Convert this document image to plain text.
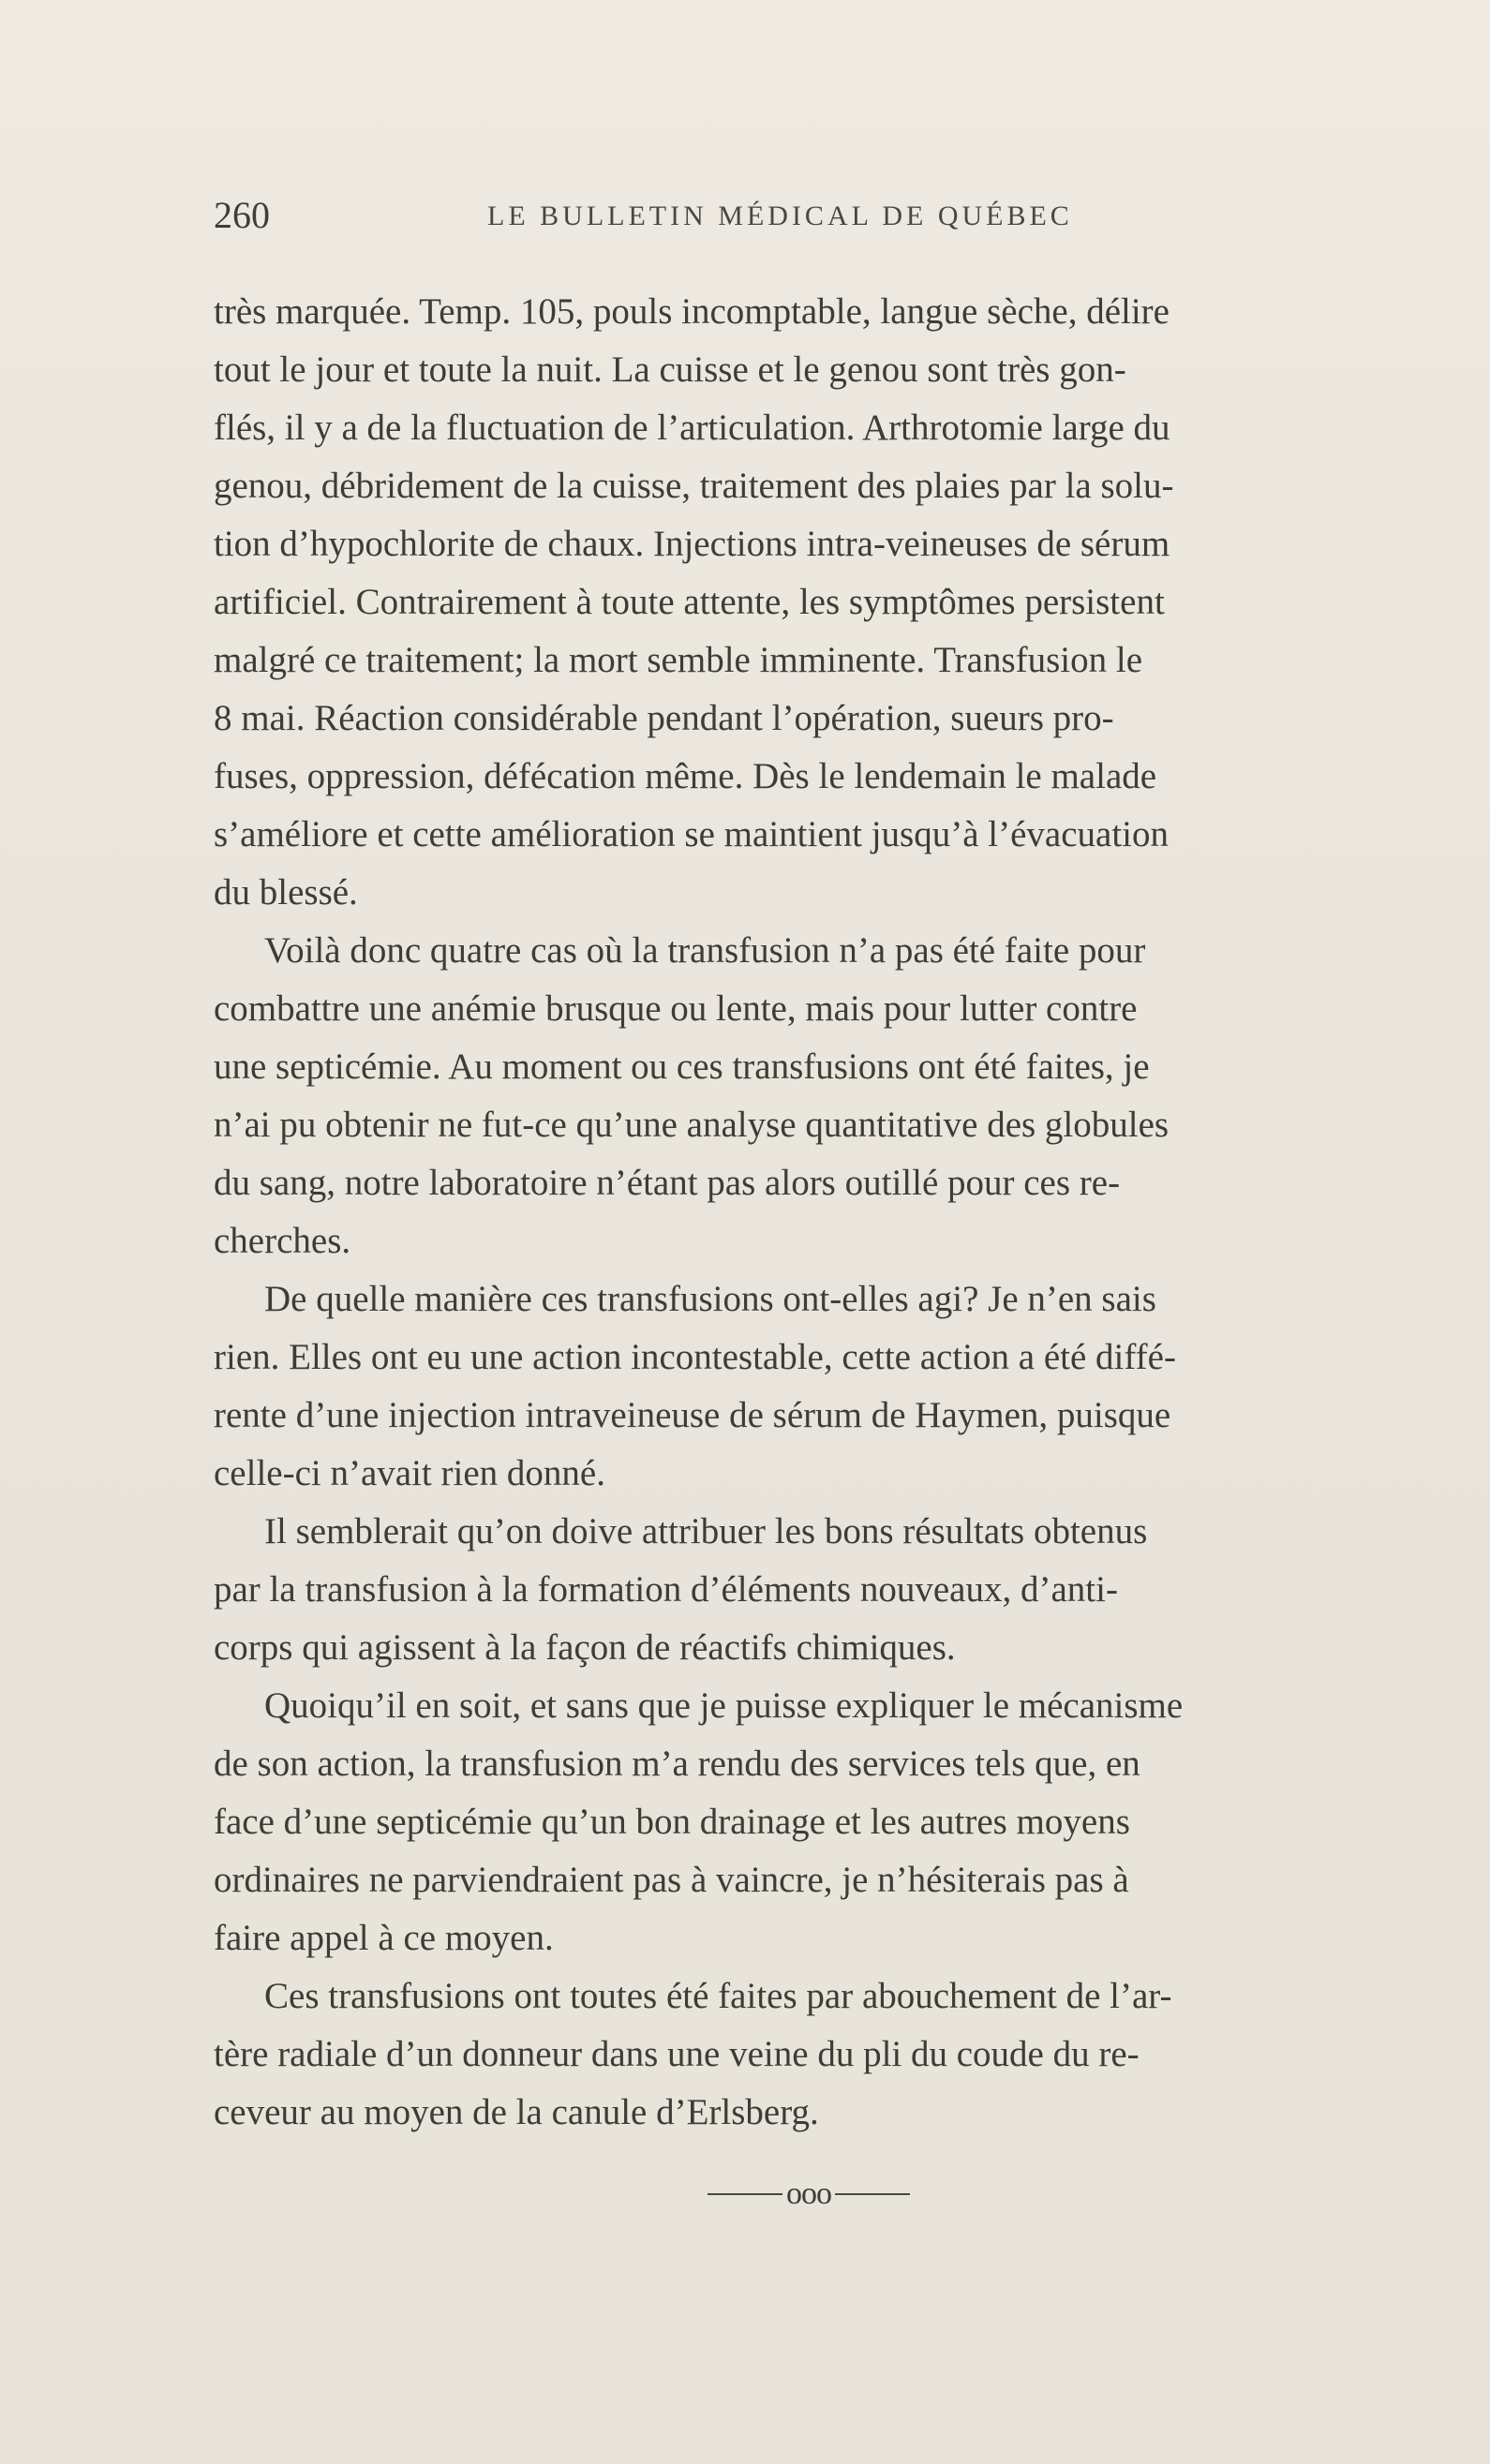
260	LE BULLETIN MÉDICAL DE QUÉBEC
très marquée. Temp. 105, pouls incomptable, langue sèche, délire
tout le jour et toute la nuit. La cuisse et le genou sont très gon-
flés, il y a de la fluctuation de l’articulation. Arthrotomie large du
genou, débridement de la cuisse, traitement des plaies par la solu-
tion d’hypochlorite de chaux. Injections intra-veineuses de sérum
artificiel. Contrairement à toute attente, les symptômes persistent
malgré ce traitement; la mort semble imminente. Transfusion le
8 mai. Réaction considérable pendant l’opération, sueurs pro-
fuses, oppression, défécation même. Dès le lendemain le malade
s’améliore et cette amélioration se maintient jusqu’à l’évacuation
du blessé.
Voilà donc quatre cas où la transfusion n’a pas été faite pour
combattre une anémie brusque ou lente, mais pour lutter contre
une septicémie. Au moment ou ces transfusions ont été faites, je
n’ai pu obtenir ne fut-ce qu’une analyse quantitative des globules
du sang, notre laboratoire n’étant pas alors outillé pour ces re-
cherches.
De quelle manière ces transfusions ont-elles agi? Je n’en sais
rien. Elles ont eu une action incontestable, cette action a été diffé-
rente d’une injection intraveineuse de sérum de Haymen, puisque
celle-ci n’avait rien donné.
Il semblerait qu’on doive attribuer les bons résultats obtenus
par la transfusion à la formation d’éléments nouveaux, d’anti-
corps qui agissent à la façon de réactifs chimiques.
Quoiqu’il en soit, et sans que je puisse expliquer le mécanisme
de son action, la transfusion m’a rendu des services tels que, en
face d’une septicémie qu’un bon drainage et les autres moyens
ordinaires ne parviendraient pas à vaincre, je n’hésiterais pas à
faire appel à ce moyen.
Ces transfusions ont toutes été faites par abouchement de l’ar-
tère radiale d’un donneur dans une veine du pli du coude du re-
ceveur au moyen de la canule d’Erlsberg.
ooo
